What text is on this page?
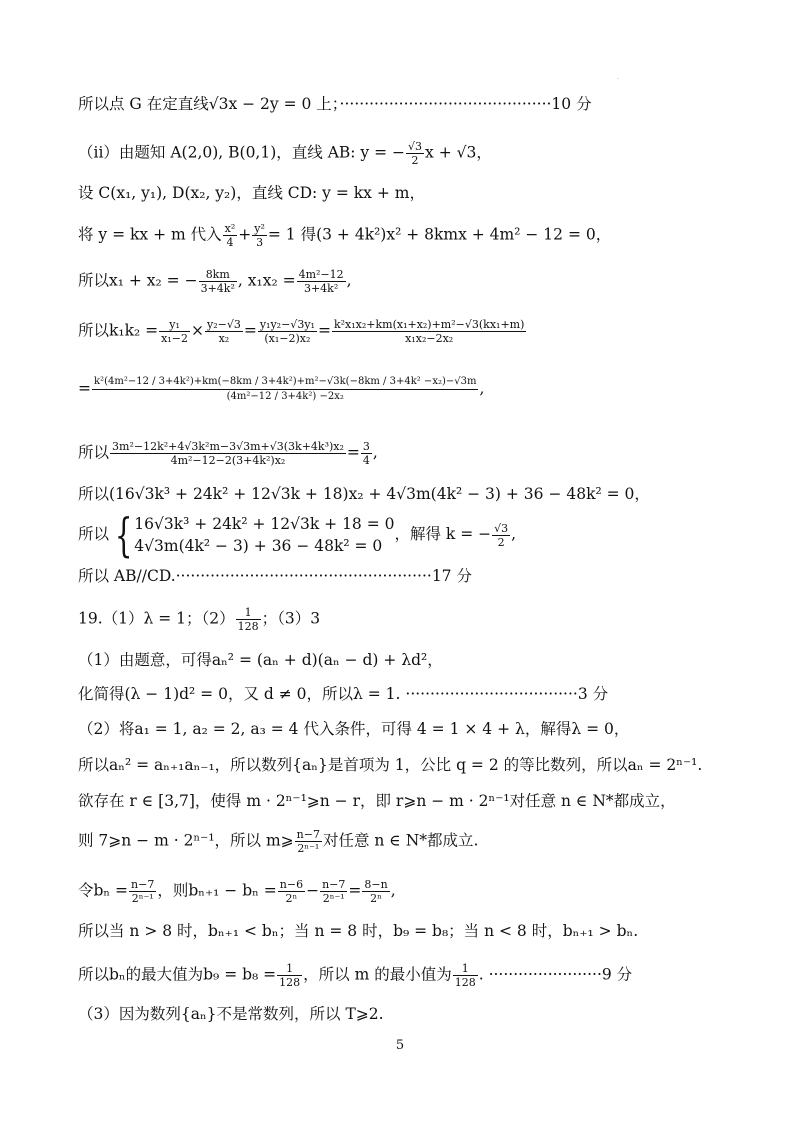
·
所以点 G 在定直线√3x − 2y = 0 上；···········································10 分
（ii）由题知 A(2,0), B(0,1)，直线 AB: y = − $\frac{√3}{2}$ x + √3，
设 C(x₁, y₁), D(x₂, y₂)，直线 CD: y = kx + m，
将 y = kx + m 代入 $\frac{\text{x²}}{4} + \frac{\text{y²}}{3} = 1$ 得(3 + 4k²)x² + 8kmx + 4m² − 12 = 0，
所以x₁ + x₂ = − $\frac{8km}{\text{3+4k²}}$ , $x_1x_2 = \frac{\text{4m²−12}}{\text{3+4k²}}$ ,
所以$k_1k_2 = \frac{\text{y₁}}{\text{x₁−2}} \times \frac{\text{y₂−√3}}{\text{x₂}} = \frac{\text{y₁y₂−√3y₁}}{\text{(x₁−2)x₂}} = \frac{\text{k²x₁x₂+km(x₁+x₂)+m²−√3(kx₁+m)}}{\text{x₁x₂−2x₂}}$
= k²(4m²−12 / 3+4k²)+km(−8km / 3+4k²)+m²−√3k(−8km / 3+4k² −x₂)−√3m
(4m²−12 / 3+4k²) −2x₂	,
所以 $\frac{\text{3m²−12k²+4√3k²m−3√3m+√3(3k+4k³)x₂}}{\text{4m²−12−2(3+4k²)x₂}} = \frac{3}{4}$ ,
所以(16√3k³ + 24k² + 12√3k + 18)x₂ + 4√3m(4k² − 3) + 36 − 48k² = 0，
所以 { 16√3k³ + 24k² + 12√3k + 18 = 0
4√3m(4k² − 3) + 36 − 48k² = 0
，解得 k = − $\frac{√3}{2}$ ,
所以 AB//CD.····················································17 分
19.（1）λ = 1；$(2) \frac{1}{128}$ ；（3）3
（1）由题意，可得aₙ² = (aₙ + d)(aₙ − d) + λd²，
化简得(λ − 1)d² = 0，又 d ≠ 0，所以λ = 1. ···································3 分
（2）将a₁ = 1, a₂ = 2, a₃ = 4 代入条件，可得 4 = 1 × 4 + λ，解得λ = 0，
所以aₙ² = aₙ₊₁aₙ₋₁，所以数列{aₙ}是首项为 1，公比 q = 2 的等比数列，所以aₙ = 2ⁿ⁻¹.
欲存在 r ∈ [3,7]，使得 m · 2ⁿ⁻¹⩾n − r，即 r⩾n − m · 2ⁿ⁻¹对任意 n ∈ N*都成立，
则 7⩾n − m · 2ⁿ⁻¹，所以 m⩾ $\frac{n-7}{\text{2ⁿ⁻¹}}$ 对任意 n ∈ N*都成立.
令$b_n = \frac{n-7}{\text{2ⁿ⁻¹}}$ ，则$b_{n+1} - b_n = \frac{n-6}{\text{2ⁿ}} - \frac{n-7}{\text{2ⁿ⁻¹}} = \frac{8-n}{\text{2ⁿ}}$ ,
所以当 n > 8 时，bₙ₊₁ < bₙ；当 n = 8 时，b₉ = b₈；当 n < 8 时，bₙ₊₁ > bₙ.
所以bₙ的最大值为$b_9 = b_8 = \frac{1}{128}$ ，所以 m 的最小值为 $\frac{1}{128}$ . ·······················9 分
（3）因为数列{aₙ}不是常数列，所以 T⩾2.
5
